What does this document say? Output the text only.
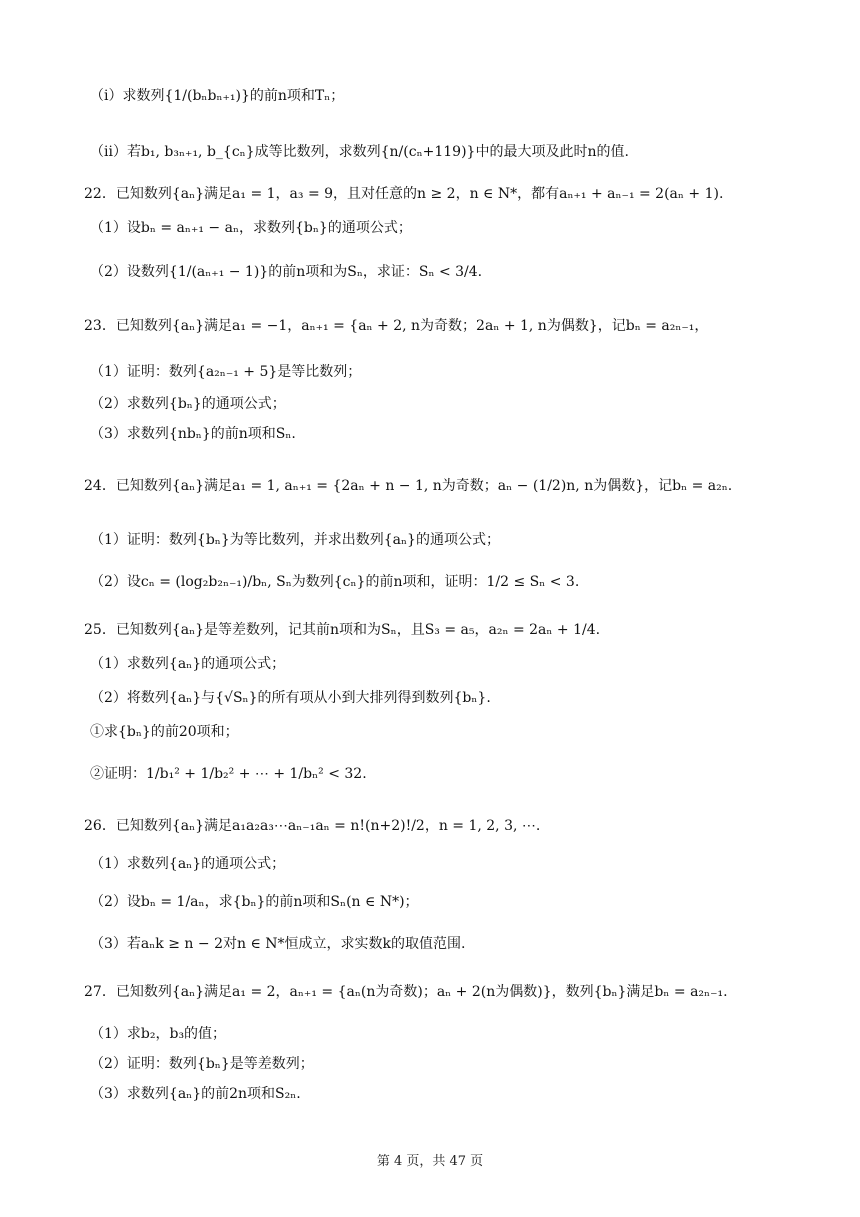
（ⅰ）求数列{1/(bₙbₙ₊₁)}的前n项和Tₙ；
（ⅱ）若b₁, b₃ₙ₊₁, b_{cₙ}成等比数列，求数列{n/(cₙ+119)}中的最大项及此时n的值.
22．已知数列{aₙ}满足a₁ = 1，a₃ = 9，且对任意的n ≥ 2，n ∈ N*，都有aₙ₊₁ + aₙ₋₁ = 2(aₙ + 1).
（1）设bₙ = aₙ₊₁ − aₙ，求数列{bₙ}的通项公式；
（2）设数列{1/(aₙ₊₁ − 1)}的前n项和为Sₙ，求证：Sₙ < 3/4.
23．已知数列{aₙ}满足a₁ = −1，aₙ₊₁ = {aₙ + 2, n为奇数；2aₙ + 1, n为偶数}，记bₙ = a₂ₙ₋₁，
（1）证明：数列{a₂ₙ₋₁ + 5}是等比数列；
（2）求数列{bₙ}的通项公式；
（3）求数列{nbₙ}的前n项和Sₙ.
24．已知数列{aₙ}满足a₁ = 1, aₙ₊₁ = {2aₙ + n − 1, n为奇数；aₙ − (1/2)n, n为偶数}，记bₙ = a₂ₙ.
（1）证明：数列{bₙ}为等比数列，并求出数列{aₙ}的通项公式；
（2）设cₙ = (log₂b₂ₙ₋₁)/bₙ, Sₙ为数列{cₙ}的前n项和，证明：1/2 ≤ Sₙ < 3.
25．已知数列{aₙ}是等差数列，记其前n项和为Sₙ，且S₃ = a₅，a₂ₙ = 2aₙ + 1/4.
（1）求数列{aₙ}的通项公式；
（2）将数列{aₙ}与{√Sₙ}的所有项从小到大排列得到数列{bₙ}.
①求{bₙ}的前20项和；
②证明：1/b₁² + 1/b₂² + ⋯ + 1/bₙ² < 32.
26．已知数列{aₙ}满足a₁a₂a₃⋯aₙ₋₁aₙ = n!(n+2)!/2，n = 1, 2, 3, ⋯.
（1）求数列{aₙ}的通项公式；
（2）设bₙ = 1/aₙ，求{bₙ}的前n项和Sₙ(n ∈ N*)；
（3）若aₙk ≥ n − 2对n ∈ N*恒成立，求实数k的取值范围.
27．已知数列{aₙ}满足a₁ = 2，aₙ₊₁ = {aₙ(n为奇数)；aₙ + 2(n为偶数)}，数列{bₙ}满足bₙ = a₂ₙ₋₁.
（1）求b₂，b₃的值；
（2）证明：数列{bₙ}是等差数列；
（3）求数列{aₙ}的前2n项和S₂ₙ.
第 4 页，共 47 页
